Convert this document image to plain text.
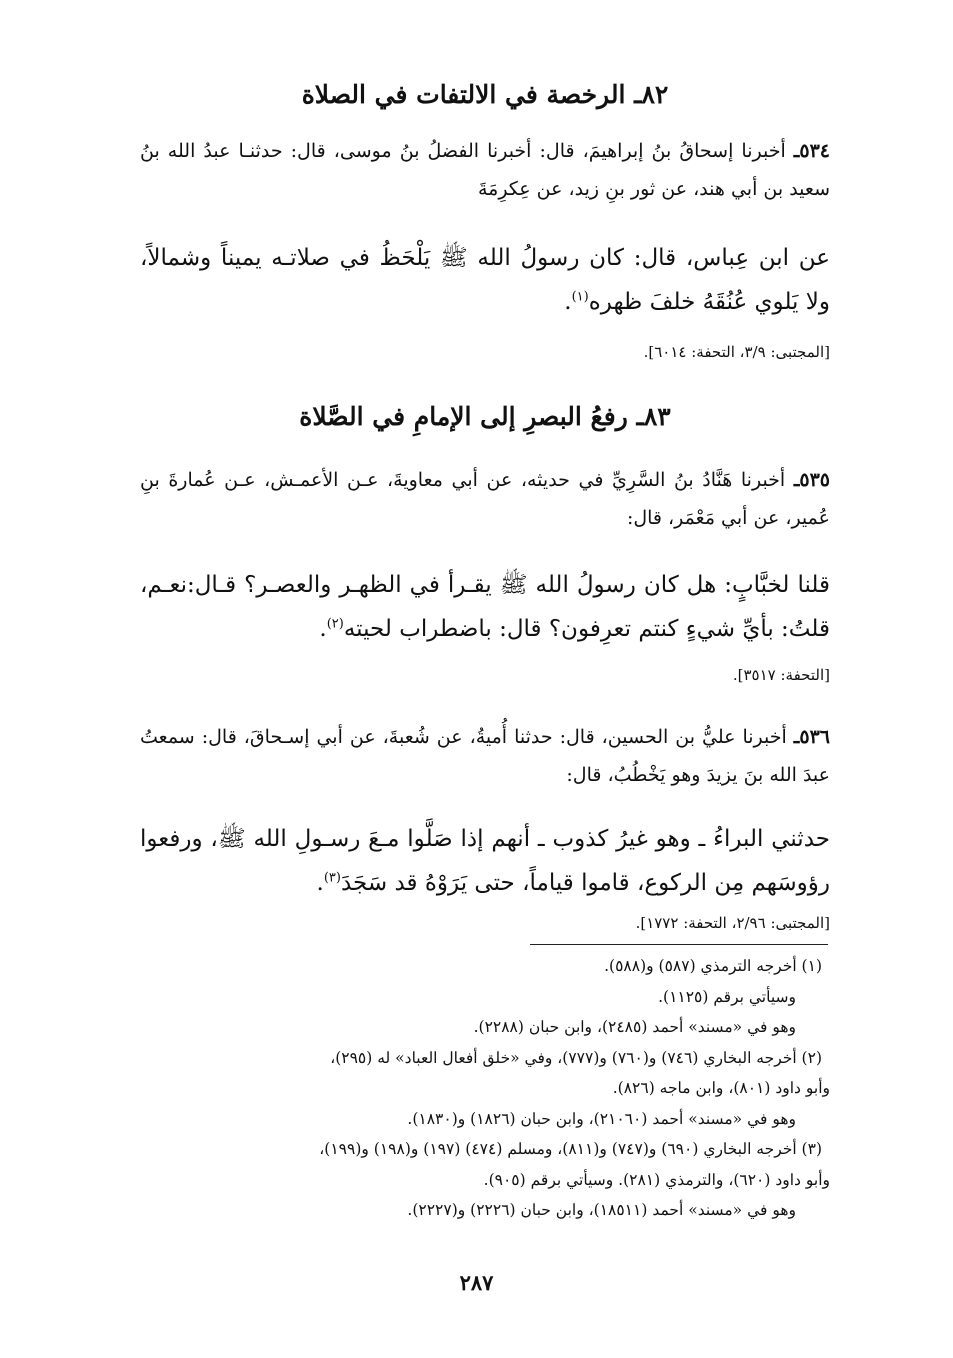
٨٢ـ الرخصة في الالتفات في الصلاة
٥٣٤ـ أخبرنا إسحاقُ بنُ إبراهيمَ، قال: أخبرنا الفضلُ بنُ موسى، قال: حدثنـا عبدُ الله بنُ سعيد بن أبي هند، عن ثور بنِ زيد، عن عِكرِمَةَ
عن ابن عِباس، قال: كان رسولُ الله ﷺ يَلْحَظُ في صلاتـه يميناً وشمالاً، ولا يَلوي عُنُقَهُ خلفَ ظهره$^{(١)}$.
[المجتبى: ٣/٩، التحفة: ٦٠١٤].
٨٣ـ رفعُ البصرِ إلى الإمامِ في الصَّلاة
٥٣٥ـ أخبرنا هَنَّادُ بنُ السَّرِيِّ في حديثه، عن أبي معاويةَ، عـن الأعمـش، عـن عُمارةَ بنِ عُمير، عن أبي مَعْمَر، قال:
قلنا لخبَّابٍ: هل كان رسولُ الله ﷺ يقـرأ في الظهـر والعصـر؟ قـال:نعـم، قلتُ: بأيِّ شيءٍ كنتم تعرِفون؟ قال: باضطراب لحيته$^{(٢)}$.
[التحفة: ٣٥١٧].
٥٣٦ـ أخبرنا عليُّ بن الحسين، قال: حدثنا أُميةُ، عن شُعبةَ، عن أبي إسـحاقَ، قال: سمعتُ عبدَ الله بنَ يزيدَ وهو يَخْطُبُ، قال:
حدثني البراءُ ـ وهو غيرُ كذوب ـ أنهم إذا صَلَّوا مـعَ رسـولِ الله ﷺ، ورفعوا رؤوسَهم مِن الركوع، قاموا قياماً، حتى يَرَوْهُ قد سَجَدَ$^{(٣)}$.
[المجتبى: ٢/٩٦، التحفة: ١٧٧٢].
(١) أخرجه الترمذي (٥٨٧) و(٥٨٨).
وسيأتي برقم (١١٢٥).
وهو في «مسند» أحمد (٢٤٨٥)، وابن حبان (٢٢٨٨).
(٢) أخرجه البخاري (٧٤٦) و(٧٦٠) و(٧٧٧)، وفي «خلق أفعال العباد» له (٢٩٥)،
وأبو داود (٨٠١)، وابن ماجه (٨٢٦).
وهو في «مسند» أحمد (٢١٠٦٠)، وابن حبان (١٨٢٦) و(١٨٣٠).
(٣) أخرجه البخاري (٦٩٠) و(٧٤٧) و(٨١١)، ومسلم (٤٧٤) (١٩٧) و(١٩٨) و(١٩٩)،
وأبو داود (٦٢٠)، والترمذي (٢٨١). وسيأتي برقم (٩٠٥).
وهو في «مسند» أحمد (١٨٥١١)، وابن حبان (٢٢٢٦) و(٢٢٢٧).
٢٨٧
